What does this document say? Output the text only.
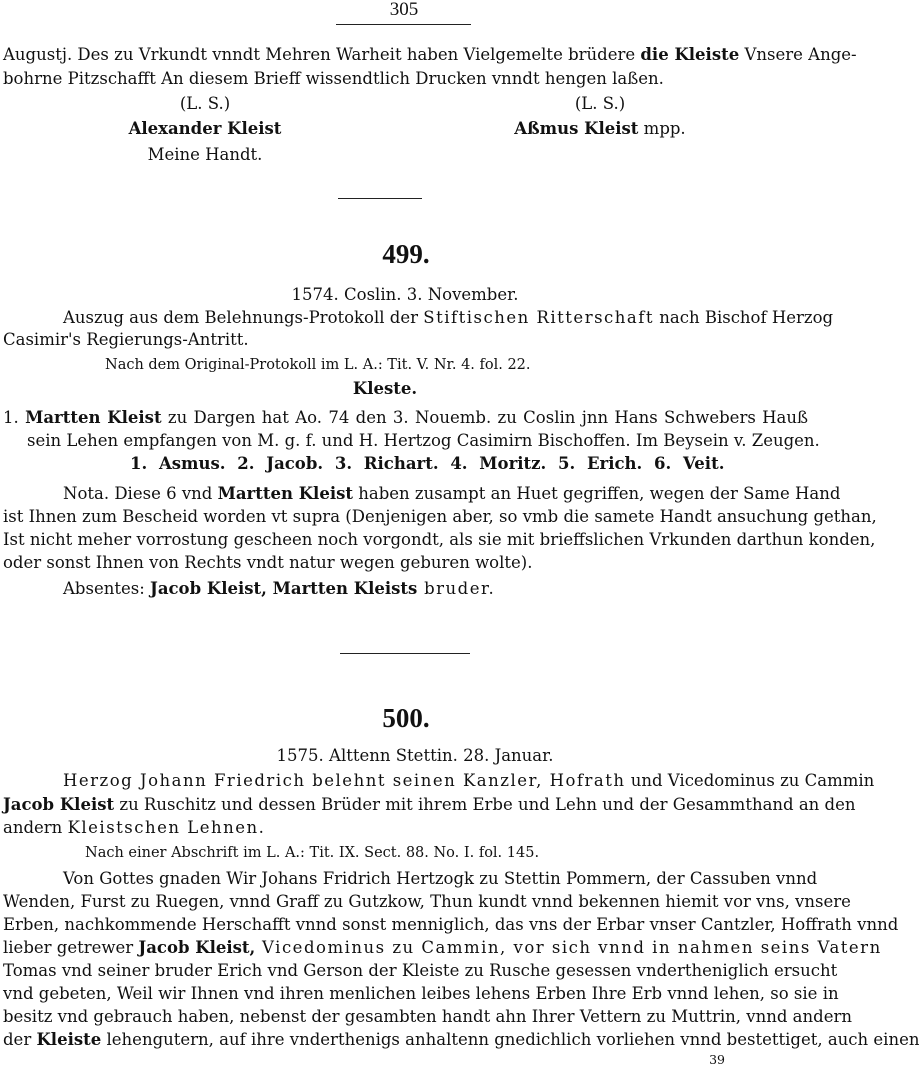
305
Augustj. Des zu Vrkundt vnndt Mehren Warheit haben Vielgemelte brüdere die Kleiste Vnsere Ange-
bohrne Pitzschafft An diesem Brieff wissendtlich Drucken vnndt hengen laßen.
(L. S.)	(L. S.)
Alexander Kleist	Aßmus Kleist mpp.
Meine Handt.
499.
1574. Coslin. 3. November.
Auszug aus dem Belehnungs-Protokoll der Stiftischen Ritterschaft nach Bischof Herzog
Casimir's Regierungs-Antritt.
Nach dem Original-Protokoll im L. A.: Tit. V. Nr. 4. fol. 22.
Kleste.
1. Martten Kleist zu Dargen hat Ao. 74 den 3. Nouemb. zu Coslin jnn Hans Schwebers Hauß
sein Lehen empfangen von M. g. f. und H. Hertzog Casimirn Bischoffen. Im Beysein v. Zeugen.
1. Asmus. 2. Jacob. 3. Richart. 4. Moritz. 5. Erich. 6. Veit.
Nota. Diese 6 vnd Martten Kleist haben zusampt an Huet gegriffen, wegen der Same Hand
ist Ihnen zum Bescheid worden vt supra (Denjenigen aber, so vmb die samete Handt ansuchung gethan,
Ist nicht meher vorrostung gescheen noch vorgondt, als sie mit brieffslichen Vrkunden darthun konden,
oder sonst Ihnen von Rechts vndt natur wegen geburen wolte).
Absentes: Jacob Kleist, Martten Kleists bruder.
500.
1575. Alttenn Stettin. 28. Januar.
Herzog Johann Friedrich belehnt seinen Kanzler, Hofrath und Vicedominus zu Cammin
Jacob Kleist zu Ruschitz und dessen Brüder mit ihrem Erbe und Lehn und der Gesammthand an den
andern Kleistschen Lehnen.
Nach einer Abschrift im L. A.: Tit. IX. Sect. 88. No. I. fol. 145.
Von Gottes gnaden Wir Johans Fridrich Hertzogk zu Stettin Pommern, der Cassuben vnnd
Wenden, Furst zu Ruegen, vnnd Graff zu Gutzkow, Thun kundt vnnd bekennen hiemit vor vns, vnsere
Erben, nachkommende Herschafft vnnd sonst menniglich, das vns der Erbar vnser Cantzler, Hoffrath vnnd
lieber getrewer Jacob Kleist, Vicedominus zu Cammin, vor sich vnnd in nahmen seins Vatern
Tomas vnd seiner bruder Erich vnd Gerson der Kleiste zu Rusche gesessen vndertheniglich ersucht
vnd gebeten, Weil wir Ihnen vnd ihren menlichen leibes lehens Erben Ihre Erb vnnd lehen, so sie in
besitz vnd gebrauch haben, nebenst der gesambten handt ahn Ihrer Vettern zu Muttrin, vnnd andern
der Kleiste lehengutern, auf ihre vnderthenigs anhaltenn gnedichlich vorliehen vnnd bestettiget, auch einen
39
